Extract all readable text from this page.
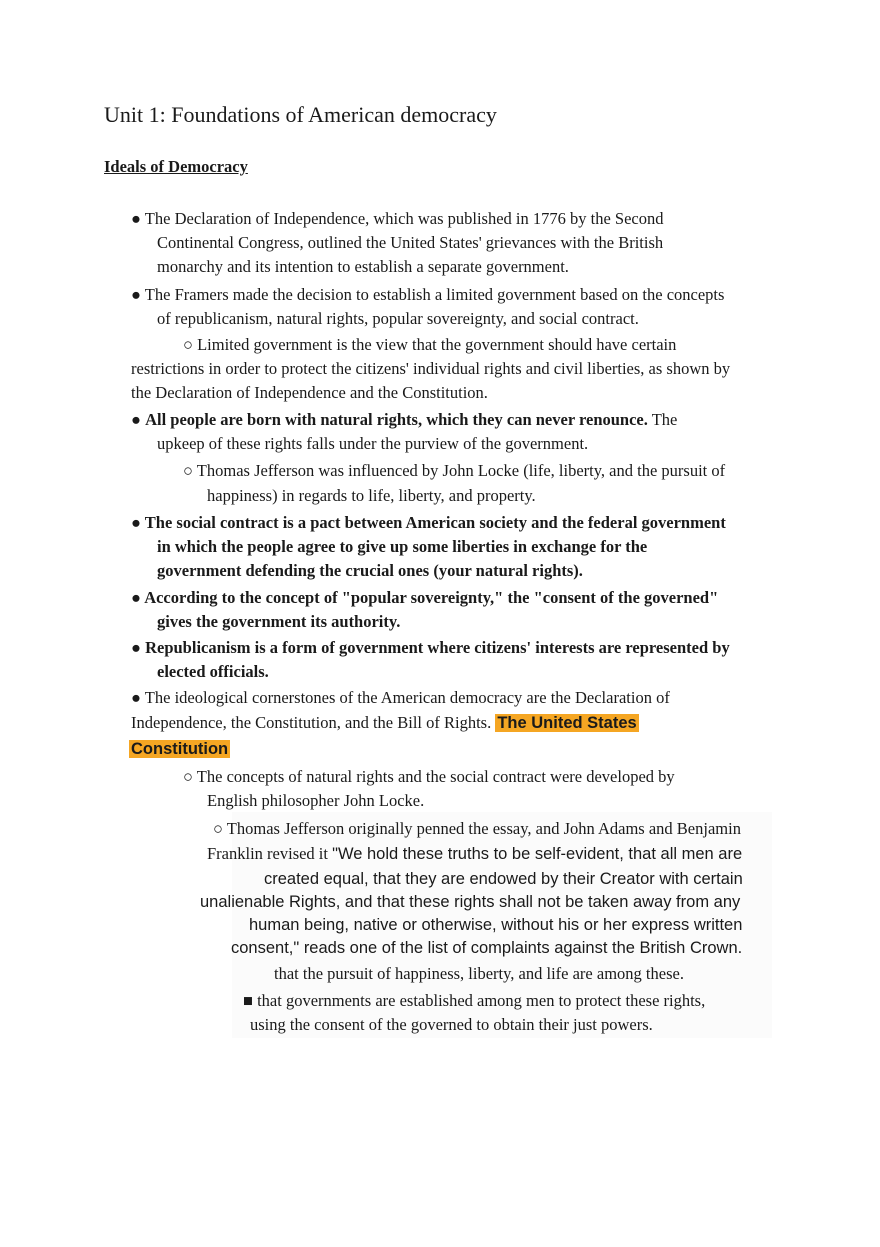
Unit 1: Foundations of American democracy
Ideals of Democracy
● The Declaration of Independence, which was published in 1776 by the Second
Continental Congress, outlined the United States' grievances with the British
monarchy and its intention to establish a separate government.
● The Framers made the decision to establish a limited government based on the concepts
of republicanism, natural rights, popular sovereignty, and social contract.
○ Limited government is the view that the government should have certain
restrictions in order to protect the citizens' individual rights and civil liberties, as shown by
the Declaration of Independence and the Constitution.
● All people are born with natural rights, which they can never renounce. The
upkeep of these rights falls under the purview of the government.
○ Thomas Jefferson was influenced by John Locke (life, liberty, and the pursuit of
happiness) in regards to life, liberty, and property.
● The social contract is a pact between American society and the federal government
in which the people agree to give up some liberties in exchange for the
government defending the crucial ones (your natural rights).
● According to the concept of "popular sovereignty," the "consent of the governed"
gives the government its authority.
● Republicanism is a form of government where citizens' interests are represented by
elected officials.
● The ideological cornerstones of the American democracy are the Declaration of
Independence, the Constitution, and the Bill of Rights. The United States
Constitution
○ The concepts of natural rights and the social contract were developed by
English philosopher John Locke.
○ Thomas Jefferson originally penned the essay, and John Adams and Benjamin
Franklin revised it "We hold these truths to be self-evident, that all men are
created equal, that they are endowed by their Creator with certain
unalienable Rights, and that these rights shall not be taken away from any
human being, native or otherwise, without his or her express written
consent," reads one of the list of complaints against the British Crown.
that the pursuit of happiness, liberty, and life are among these.
■ that governments are established among men to protect these rights,
using the consent of the governed to obtain their just powers.
